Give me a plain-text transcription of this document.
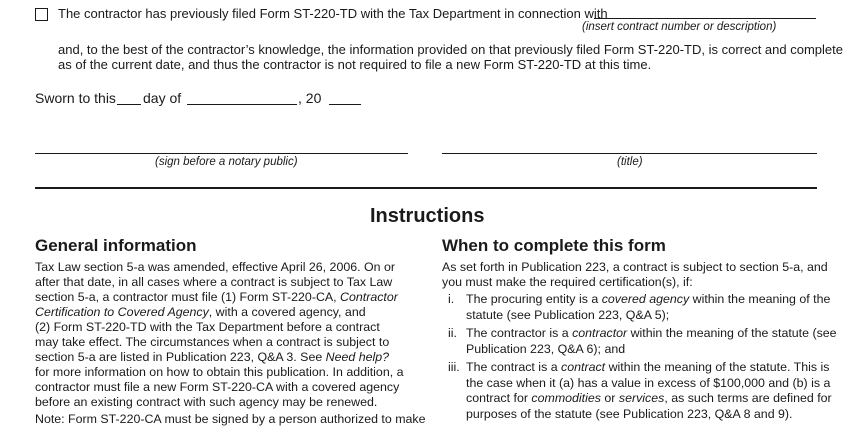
The contractor has previously filed Form ST-220-TD with the Tax Department in connection with
(insert contract number or description)
and, to the best of the contractor’s knowledge, the information provided on that previously filed Form ST-220-TD, is correct and complete
as of the current date, and thus the contractor is not required to file a new Form ST-220-TD at this time.
Sworn to this day of	, 20
(sign before a notary public)	(title)
Instructions
General information
Tax Law section 5-a was amended, effective April 26, 2006. On or
after that date, in all cases where a contract is subject to Tax Law
section 5-a, a contractor must file (1) Form ST-220-CA, Contractor
Certification to Covered Agency, with a covered agency, and
(2) Form ST-220-TD with the Tax Department before a contract
may take effect. The circumstances when a contract is subject to
section 5-a are listed in Publication 223, Q&A 3. See Need help?
for more information on how to obtain this publication. In addition, a
contractor must file a new Form ST-220-CA with a covered agency
before an existing contract with such agency may be renewed.
Note: Form ST-220-CA must be signed by a person authorized to make
When to complete this form
As set forth in Publication 223, a contract is subject to section 5-a, and
you must make the required certification(s), if:
i. The procuring entity is a covered agency within the meaning of the
statute (see Publication 223, Q&A 5);
ii. The contractor is a contractor within the meaning of the statute (see
Publication 223, Q&A 6); and
iii. The contract is a contract within the meaning of the statute. This is
the case when it (a) has a value in excess of $100,000 and (b) is a
contract for commodities or services, as such terms are defined for
purposes of the statute (see Publication 223, Q&A 8 and 9).
